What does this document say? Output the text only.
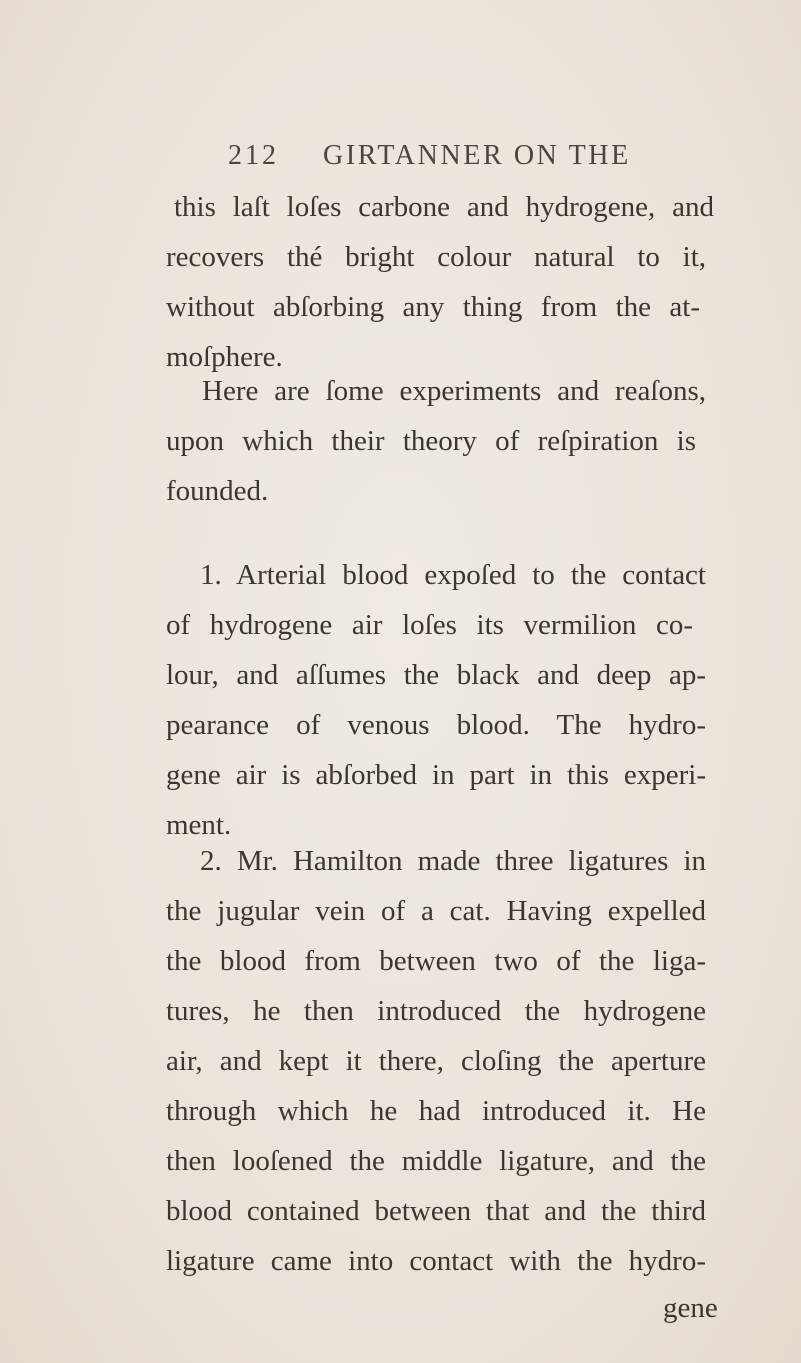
212 GIRTANNER ON THE
this laſt loſes carbone and hydrogene, and
recovers thé bright colour natural to it,
without abſorbing any thing from the at-
moſphere.
Here are ſome experiments and reaſons,
upon which their theory of reſpiration is
founded.
1. Arterial blood expoſed to the contact
of hydrogene air loſes its vermilion co-
lour, and aſſumes the black and deep ap-
pearance of venous blood. The hydro-
gene air is abſorbed in part in this experi-
ment.
2. Mr. Hamilton made three ligatures in
the jugular vein of a cat. Having expelled
the blood from between two of the liga-
tures, he then introduced the hydrogene
air, and kept it there, cloſing the aperture
through which he had introduced it. He
then looſened the middle ligature, and the
blood contained between that and the third
ligature came into contact with the hydro-
gene
